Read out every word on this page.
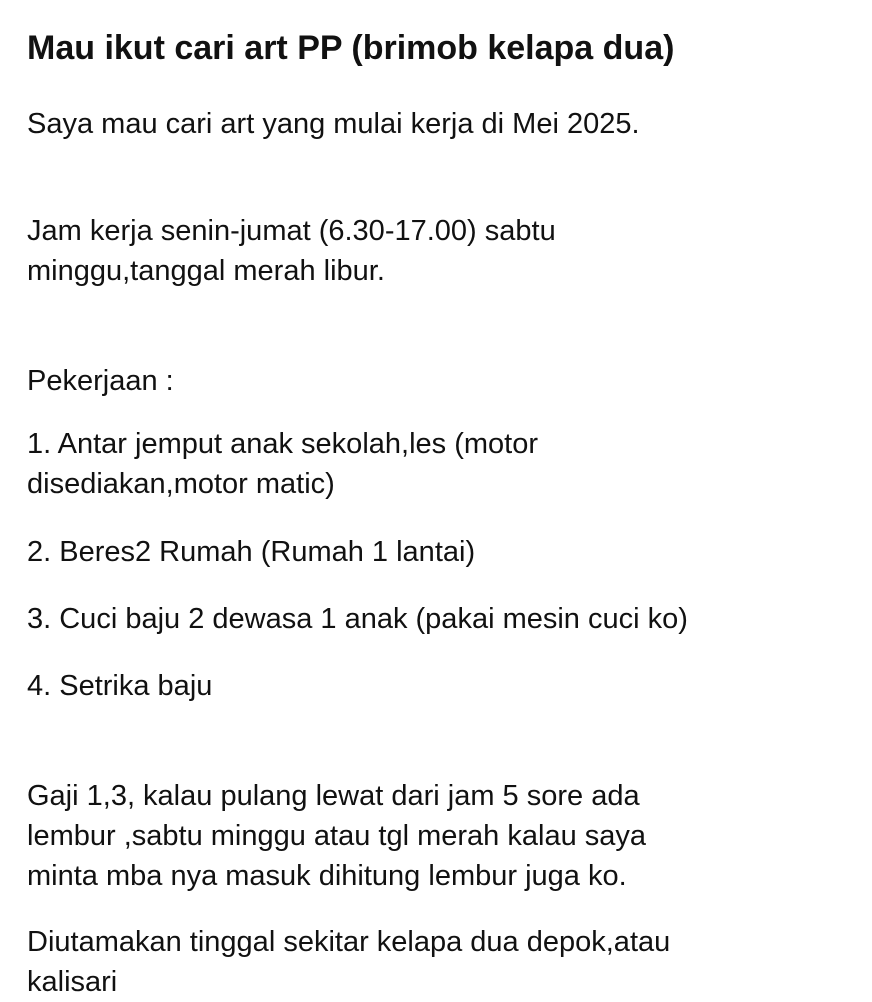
Mau ikut cari art PP (brimob kelapa dua)

Saya mau cari art yang mulai kerja di Mei 2025.

Jam kerja senin-jumat (6.30-17.00) sabtu
minggu,tanggal merah libur.

Pekerjaan :

1. Antar jemput anak sekolah,les (motor
disediakan,motor matic)

2. Beres2 Rumah (Rumah 1 lantai)

3. Cuci baju 2 dewasa 1 anak (pakai mesin cuci ko)

4. Setrika baju

Gaji 1,3, kalau pulang lewat dari jam 5 sore ada
lembur ,sabtu minggu atau tgl merah kalau saya
minta mba nya masuk dihitung lembur juga ko.

Diutamakan tinggal sekitar kelapa dua depok,atau
kalisari
